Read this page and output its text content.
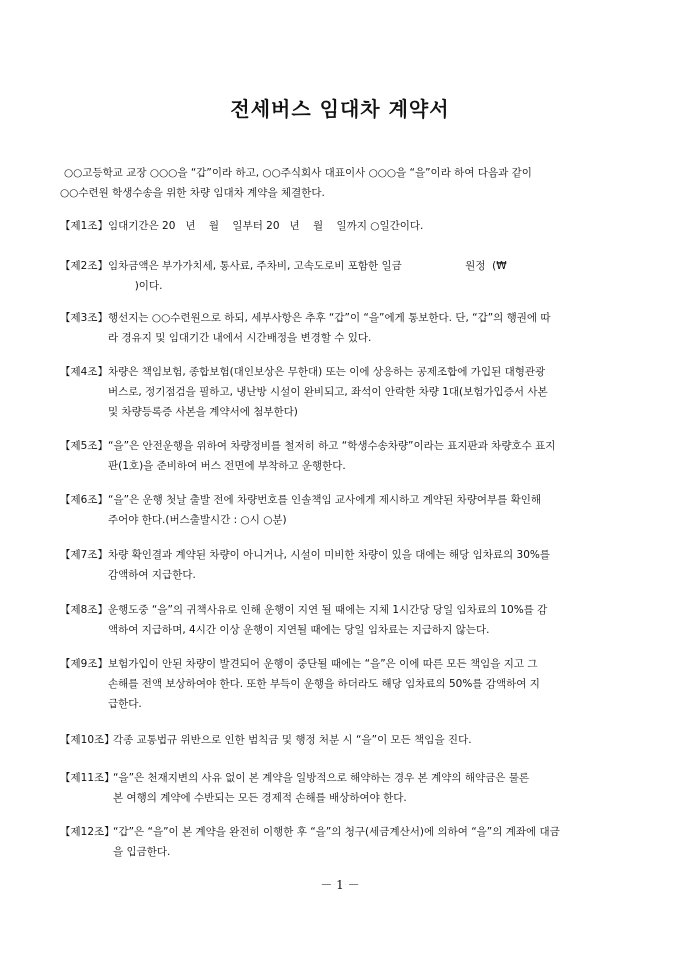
전세버스 임대차 계약서

○○고등학교 교장 ○○○을 “갑”이라 하고, ○○주식회사 대표이사 ○○○을 “을”이라 하여 다음과 같이

○○수련원 학생수송을 위한 차량 임대차 계약을 체결한다.

【제1조】 임대기간은 20   년    월    일부터 20   년    월    일까지 ○일간이다.
【제2조】 임차금액은 부가가치세, 통사료, 주차비, 고속도로비 포함한 일금                   원정  (₩
)이다.
【제3조】 행선지는 ○○수련원으로 하되, 세부사항은 추후 “갑”이 “을”에게 통보한다. 단, “갑”의 행권에 따
라 경유지 및 임대기간 내에서 시간배정을 변경할 수 있다.
【제4조】 차량은 책임보험, 종합보험(대인보상은 무한대) 또는 이에 상응하는 공제조합에 가입된 대형관광
버스로, 정기점검을 필하고, 냉난방 시설이 완비되고, 좌석이 안락한 차량 1대(보험가입증서 사본
및 차량등록증 사본을 계약서에 첨부한다)
【제5조】 “을”은 안전운행을 위하여 차량정비를 철저히 하고 “학생수송차량”이라는 표지판과 차량호수 표지
판(1호)을 준비하여 버스 전면에 부착하고 운행한다.
【제6조】 “을”은 운행 첫날 출발 전에 차량번호를 인솔책임 교사에게 제시하고 계약된 차량여부를 확인해
주어야 한다.(버스출발시간 : ○시 ○분)
【제7조】 차량 확인결과 계약된 차량이 아니거나, 시설이 미비한 차량이 있을 대에는 해당 임차료의 30%를
감액하여 지급한다.
【제8조】 운행도중 “을”의 귀책사유로 인해 운행이 지연 될 때에는 지체 1시간당 당일 임차료의 10%를 감
액하여 지급하며, 4시간 이상 운행이 지연될 때에는 당일 임차료는 지급하지 않는다.
【제9조】 보험가입이 안된 차량이 발견되어 운행이 중단될 때에는 “을”은 이에 따른 모든 책임을 지고 그
손해를 전액 보상하여야 한다. 또한 부득이 운행을 하더라도 해당 임차료의 50%를 감액하여 지
급한다.
【제10조】
각종 교통법규 위반으로 인한 범칙금 및 행정 처분 시 “을”이 모든 책임을 진다.
【제11조】
“을”은 천재지변의 사유 없이 본 계약을 일방적으로 해약하는 경우 본 계약의 해약금은 물론
본 여행의 계약에 수반되는 모든 경제적 손해를 배상하여야 한다.
【제12조】
“갑”은 “을”이 본 계약을 완전히 이행한 후 “을”의 청구(세금계산서)에 의하여 “을”의 계좌에 대금
을 입금한다.
－ 1 －
